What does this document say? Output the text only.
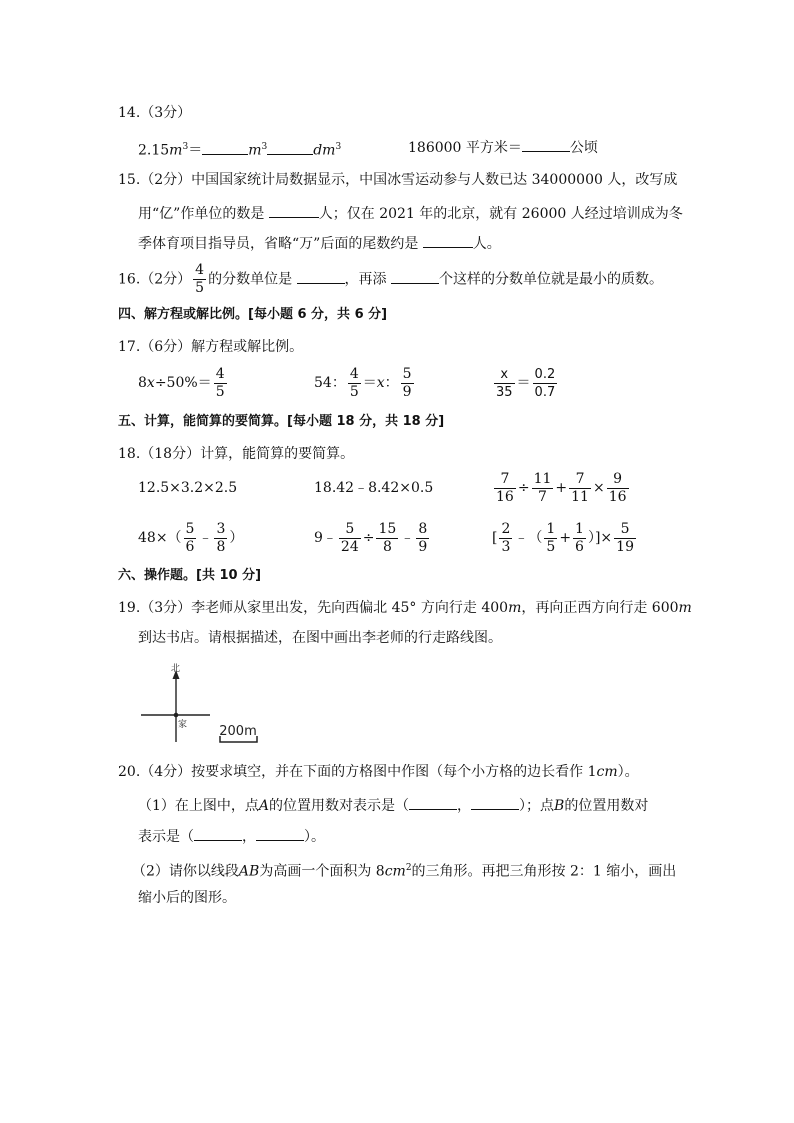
14.（3分）
$2.15m^3=$	$m^3$	$dm^3$	186000 平方米＝	公顷
15.（2分）中国国家统计局数据显示，中国冰雪运动参与人数已达 34000000 人，改写成
用“亿”作单位的数是	人；仅在 2021 年的北京，就有 26000 人经过培训成为冬
季体育项目指导员，省略“万”后面的尾数约是	人。
16.（2分） $\frac{4}{5}$ 的分数单位是	，再添	个这样的分数单位就是最小的质数。
四、解方程或解比例。[每小题 6 分，共 6 分]
17.（6分）解方程或解比例。
$8x\div 50\%= \frac{4}{5}$	54： $\frac{4}{5} =x$： $\frac{5}{9}$	$\frac{x}{35} = \frac{0.2}{0.7}$
五、计算，能简算的要简算。[每小题 18 分，共 18 分]
18.（18分）计算，能简算的要简算。
12.5×3.2×2.5	18.42﹣8.42×0.5	$\frac{7}{16} \div \frac{11}{7} + \frac{7}{11} \times \frac{9}{16}$
$48\times( \frac{5}{6}$ ﹣ $\frac{3}{8}$ ）	9﹣ $\frac{5}{24} \div \frac{15}{8}$ ﹣ $\frac{8}{9}$	[ $\frac{2}{3}$ ﹣（ $\frac{1}{5} + \frac{1}{6}$ ）]× $\frac{5}{19}$
六、操作题。[共 10 分]
19.（3分）李老师从家里出发，先向西偏北 45° 方向行走 400m，再向正西方向行走 600m
到达书店。请根据描述，在图中画出李老师的行走路线图。
北
家 200m
20.（4分）按要求填空，并在下面的方格图中作图（每个小方格的边长看作 1cm）。
（1）在上图中，点A的位置用数对表示是（	，	）；点B的位置用数对
表示是（	，	）。
（2）请你以线段AB为高画一个面积为 $8cm^2$的三角形。再把三角形按 2：1 缩小，画出
缩小后的图形。
